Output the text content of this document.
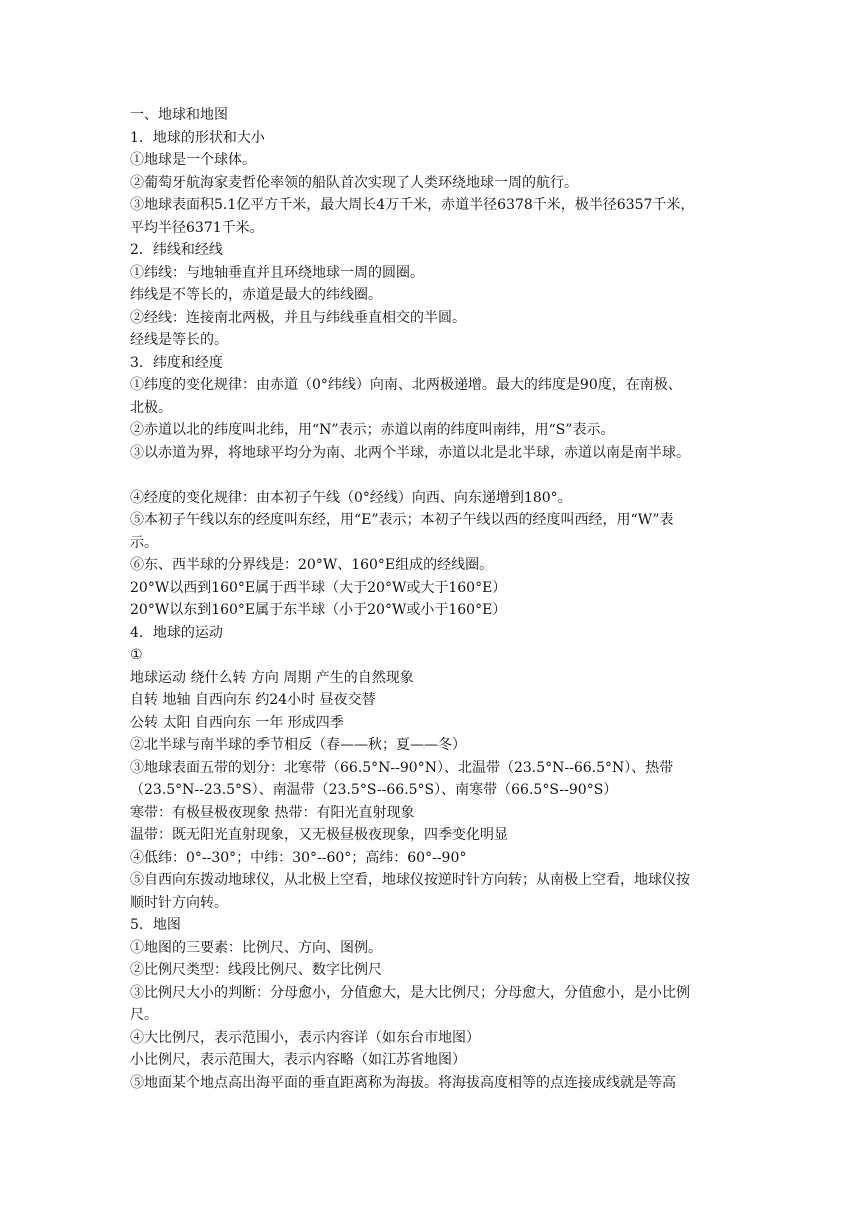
一、地球和地图
1．地球的形状和大小
①地球是一个球体。
②葡萄牙航海家麦哲伦率领的船队首次实现了人类环绕地球一周的航行。
③地球表面积5.1亿平方千米，最大周长4万千米，赤道半径6378千米，极半径6357千米，
平均半径6371千米。
2．纬线和经线
①纬线：与地轴垂直并且环绕地球一周的圆圈。
纬线是不等长的，赤道是最大的纬线圈。
②经线：连接南北两极，并且与纬线垂直相交的半圆。
经线是等长的。
3．纬度和经度
①纬度的变化规律：由赤道（0°纬线）向南、北两极递增。最大的纬度是90度，在南极、
北极。
②赤道以北的纬度叫北纬，用“N”表示；赤道以南的纬度叫南纬，用“S”表示。
③以赤道为界，将地球平均分为南、北两个半球，赤道以北是北半球，赤道以南是南半球。
④经度的变化规律：由本初子午线（0°经线）向西、向东递增到180°。
⑤本初子午线以东的经度叫东经，用“E”表示；本初子午线以西的经度叫西经，用“W”表
示。
⑥东、西半球的分界线是：20°W、160°E组成的经线圈。
20°W以西到160°E属于西半球（大于20°W或大于160°E）
20°W以东到160°E属于东半球（小于20°W或小于160°E）
4．地球的运动
①
地球运动 绕什么转 方向 周期 产生的自然现象
自转 地轴 自西向东 约24小时 昼夜交替
公转 太阳 自西向东 一年 形成四季
②北半球与南半球的季节相反（春——秋；夏——冬）
③地球表面五带的划分：北寒带（66.5°N--90°N）、北温带（23.5°N--66.5°N）、热带
（23.5°N--23.5°S）、南温带（23.5°S--66.5°S）、南寒带（66.5°S--90°S）
寒带：有极昼极夜现象 热带：有阳光直射现象
温带：既无阳光直射现象，又无极昼极夜现象，四季变化明显
④低纬：0°--30°；中纬：30°--60°；高纬：60°--90°
⑤自西向东拨动地球仪，从北极上空看，地球仪按逆时针方向转；从南极上空看，地球仪按
顺时针方向转。
5．地图
①地图的三要素：比例尺、方向、图例。
②比例尺类型：线段比例尺、数字比例尺
③比例尺大小的判断：分母愈小，分值愈大，是大比例尺；分母愈大，分值愈小，是小比例
尺。
④大比例尺，表示范围小，表示内容详（如东台市地图）
小比例尺，表示范围大，表示内容略（如江苏省地图）
⑤地面某个地点高出海平面的垂直距离称为海拔。将海拔高度相等的点连接成线就是等高
